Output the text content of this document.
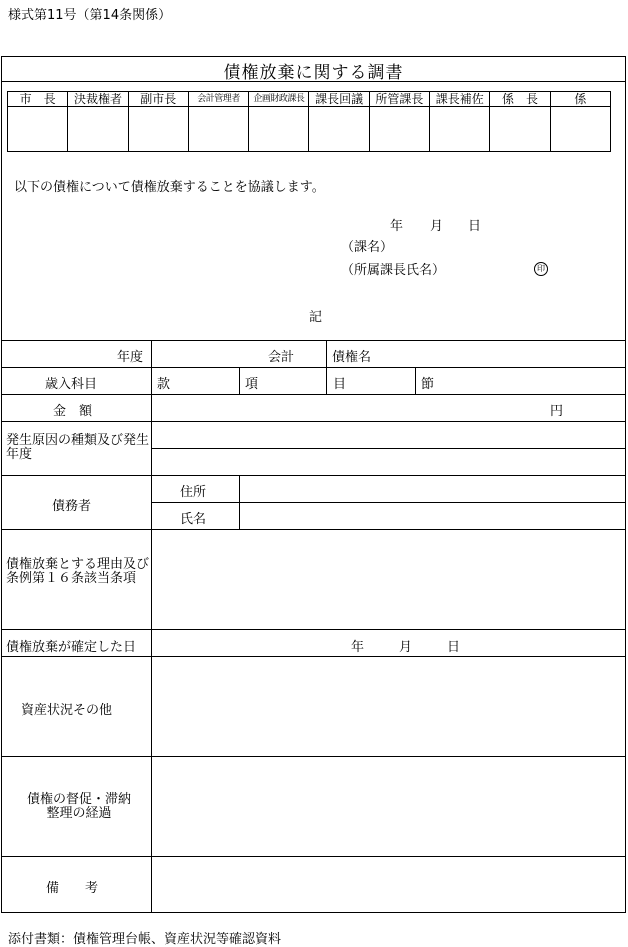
様式第11号（第14条関係）
債権放棄に関する調書
市　長	決裁権者	副市長	会計管理者	企画財政課長	課長回議	所管課長	課長補佐	係　長	係

以下の債権について債権放棄することを協議します。
年 月 日
（課名）
（所属課長氏名）	印
記
年度	会計	債権名
歳入科目	款	項	目	節
金　額	円
発生原因の種類及び発生年度
債務者
住所
氏名
債権放棄とする理由及び条例第１６条該当条項
債権放棄が確定した日	年	月	日
資産状況その他
債権の督促・滞納整理の経過
備　　考
添付書類：債権管理台帳、資産状況等確認資料
